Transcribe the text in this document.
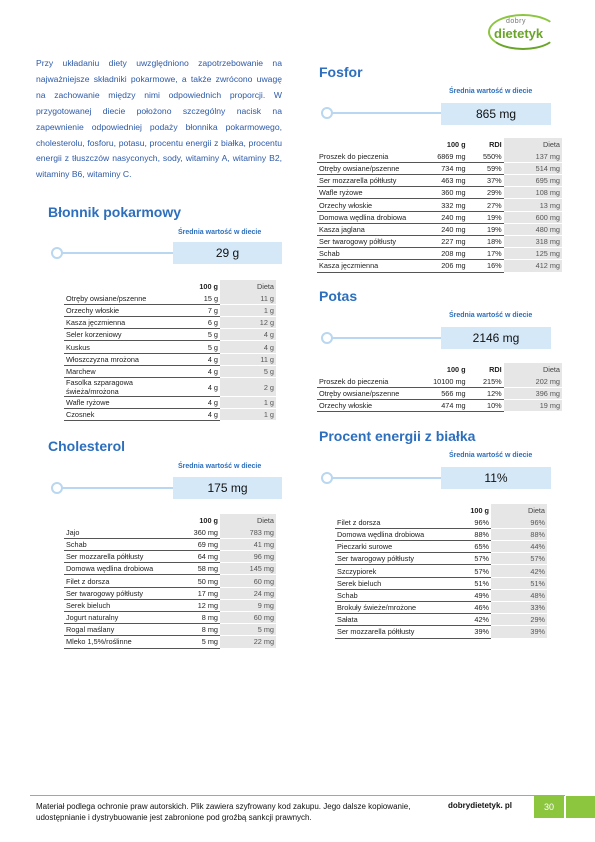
dobry
dietetyk

Przy układaniu diety uwzględniono zapotrzebowanie na najważniejsze składniki pokarmowe, a także zwrócono uwagę na zachowanie między nimi odpowiednich proporcji. W przygotowanej diecie położono szczególny nacisk na zapewnienie odpowiedniej podaży błonnika pokarmowego, cholesterolu, fosforu, potasu, procentu energii z białka, procentu energii z tłuszczów nasyconych, sody, witaminy A, witaminy B2, witaminy B6, witaminy C.

Błonnik pokarmowy
Średnia wartość w diecie
29 g
	100 g	Dieta
Otręby owsiane/pszenne	15 g	11 g
Orzechy włoskie	7 g	1 g
Kasza jęczmienna	6 g	12 g
Seler korzeniowy	5 g	4 g
Kuskus	5 g	4 g
Włoszczyzna mrożona	4 g	11 g
Marchew	4 g	5 g
Fasolka szparagowa świeża/mrożona	4 g	2 g
Wafle ryżowe	4 g	1 g
Czosnek	4 g	1 g
Cholesterol
Średnia wartość w diecie
175 mg
	100 g	Dieta
Jajo	360 mg	783 mg
Schab	69 mg	41 mg
Ser mozzarella półtłusty	64 mg	96 mg
Domowa wędlina drobiowa	58 mg	145 mg
Filet z dorsza	50 mg	60 mg
Ser twarogowy półtłusty	17 mg	24 mg
Serek bieluch	12 mg	9 mg
Jogurt naturalny	8 mg	60 mg
Rogal maślany	8 mg	5 mg
Mleko 1,5%/roślinne	5 mg	22 mg
Fosfor
Średnia wartość w diecie
865 mg
	100 g	RDI	Dieta
Proszek do pieczenia	6869 mg	550%	137 mg
Otręby owsiane/pszenne	734 mg	59%	514 mg
Ser mozzarella półtłusty	463 mg	37%	695 mg
Wafle ryżowe	360 mg	29%	108 mg
Orzechy włoskie	332 mg	27%	13 mg
Domowa wędlina drobiowa	240 mg	19%	600 mg
Kasza jaglana	240 mg	19%	480 mg
Ser twarogowy półtłusty	227 mg	18%	318 mg
Schab	208 mg	17%	125 mg
Kasza jęczmienna	206 mg	16%	412 mg
Potas
Średnia wartość w diecie
2146 mg
	100 g	RDI	Dieta
Proszek do pieczenia	10100 mg	215%	202 mg
Otręby owsiane/pszenne	566 mg	12%	396 mg
Orzechy włoskie	474 mg	10%	19 mg
Procent energii z białka
Średnia wartość w diecie
11%
	100 g	Dieta
Filet z dorsza	96%	96%
Domowa wędlina drobiowa	88%	88%
Pieczarki surowe	65%	44%
Ser twarogowy półtłusty	57%	57%
Szczypiorek	57%	42%
Serek bieluch	51%	51%
Schab	49%	48%
Brokuły świeże/mrożone	46%	33%
Sałata	42%	29%
Ser mozzarella półtłusty	39%	39%

Materiał podlega ochronie praw autorskich. Plik zawiera szyfrowany kod zakupu. Jego dalsze kopiowanie, udostępnianie i dystrybuowanie jest zabronione pod groźbą sankcji prawnych.

dobrydietetyk. pl	30
